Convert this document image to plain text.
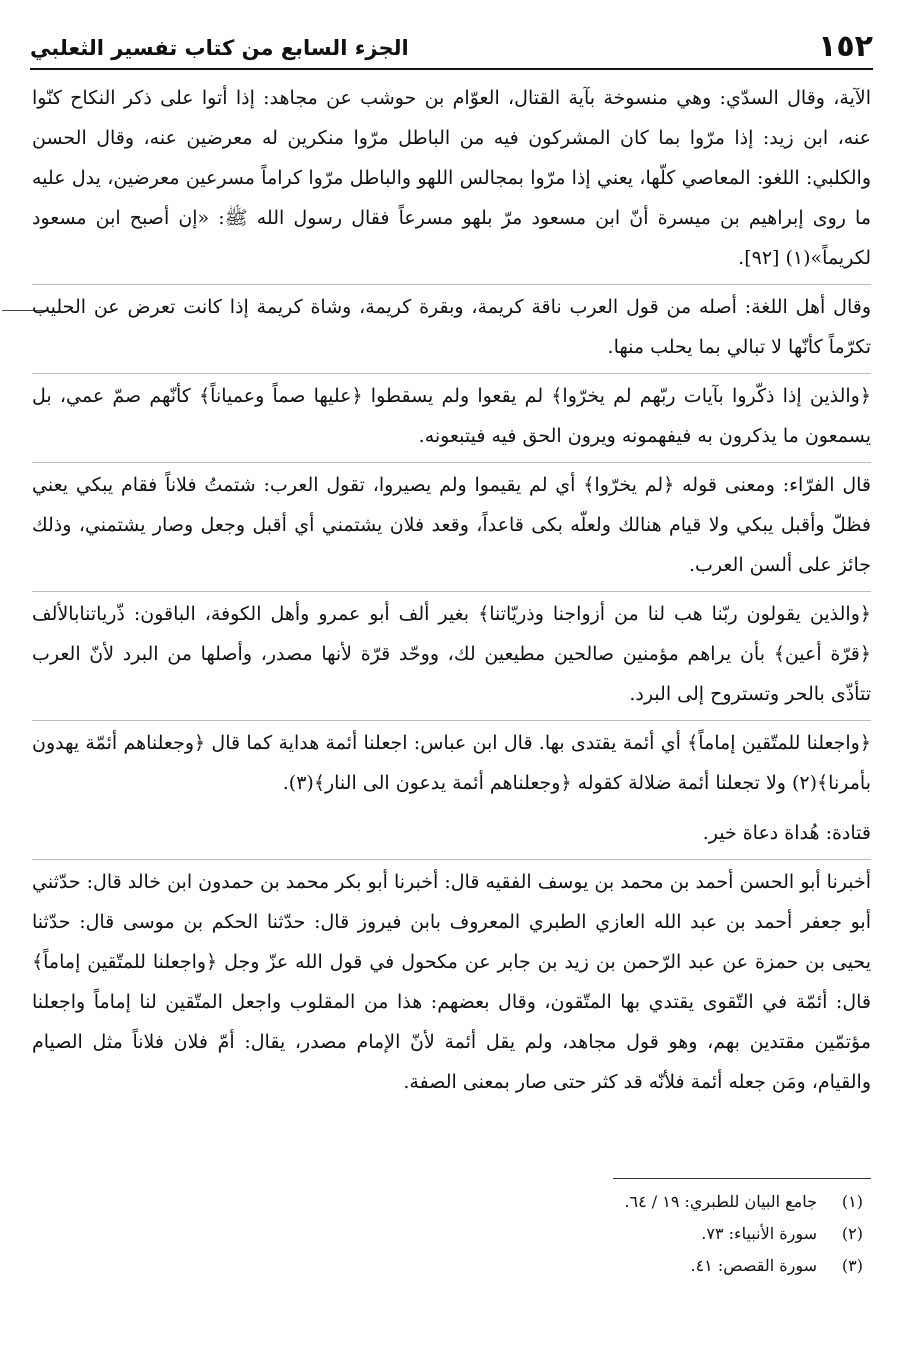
١٥٢
الجزء السابع من كتاب تفسير الثعلبي

الآية، وقال السدّي: وهي منسوخة بآية القتال، العوّام بن حوشب عن مجاهد: إذا أتوا على ذكر النكاح كنّوا عنه، ابن زيد: إذا مرّوا بما كان المشركون فيه من الباطل مرّوا منكرين له معرضين عنه، وقال الحسن والكلبي: اللغو: المعاصي كلّها، يعني إذا مرّوا بمجالس اللهو والباطل مرّوا كراماً مسرعين معرضين، يدل عليه ما روى إبراهيم بن ميسرة أنّ ابن مسعود مرّ بلهو مسرعاً فقال رسول الله ﷺ: «إن أصبح ابن مسعود لكريماً»(١) [٩٢].

وقال أهل اللغة: أصله من قول العرب ناقة كريمة، وبقرة كريمة، وشاة كريمة إذا كانت تعرض عن الحليب تكرّماً كأنّها لا تبالي بما يحلب منها.

﴿والذين إذا ذكّروا بآيات ربّهم لم يخرّوا﴾ لم يقعوا ولم يسقطوا ﴿عليها صماً وعمياناً﴾ كأنّهم صمّ عمي، بل يسمعون ما يذكرون به فيفهمونه ويرون الحق فيه فيتبعونه.

قال الفرّاء: ومعنى قوله ﴿لم يخرّوا﴾ أي لم يقيموا ولم يصيروا، تقول العرب: شتمتُ فلاناً فقام يبكي يعني فظلّ وأقبل يبكي ولا قيام هنالك ولعلّه بكى قاعداً، وقعد فلان يشتمني أي أقبل وجعل وصار يشتمني، وذلك جائز على ألسن العرب.

﴿والذين يقولون ربّنا هب لنا من أزواجنا وذريّاتنا﴾ بغير ألف أبو عمرو وأهل الكوفة، الباقون: ذّرياتنابالألف ﴿قرّة أعين﴾ بأن يراهم مؤمنين صالحين مطيعين لك، ووحّد قرّة لأنها مصدر، وأصلها من البرد لأنّ العرب تتأذّى بالحر وتستروح إلى البرد.

﴿واجعلنا للمتّقين إماماً﴾ أي أئمة يقتدى بها. قال ابن عباس: اجعلنا أئمة هداية كما قال ﴿وجعلناهم أئمّة يهدون بأمرنا﴾(٢) ولا تجعلنا أئمة ضلالة كقوله ﴿وجعلناهم أئمة يدعون الى النار﴾(٣).

قتادة: هُداة دعاة خير.

أخبرنا أبو الحسن أحمد بن محمد بن يوسف الفقيه قال: أخبرنا أبو بكر محمد بن حمدون ابن خالد قال: حدّثني أبو جعفر أحمد بن عبد الله العازي الطبري المعروف بابن فيروز قال: حدّثنا الحكم بن موسى قال: حدّثنا يحيى بن حمزة عن عبد الرّحمن بن زيد بن جابر عن مكحول في قول الله عزّ وجل ﴿واجعلنا للمتّقين إماماً﴾ قال: أئمّة في التّقوى يقتدي بها المتّقون، وقال بعضهم: هذا من المقلوب واجعل المتّقين لنا إماماً واجعلنا مؤتمّين مقتدين بهم، وهو قول مجاهد، ولم يقل أئمة لأنّ الإمام مصدر، يقال: أمّ فلان فلاناً مثل الصيام والقيام، ومَن جعله أئمة فلأنّه قد كثر حتى صار بمعنى الصفة.

(١)
جامع البيان للطبري: ١٩ / ٦٤.
(٢)
سورة الأنبياء: ٧٣.
(٣)
سورة القصص: ٤١.
